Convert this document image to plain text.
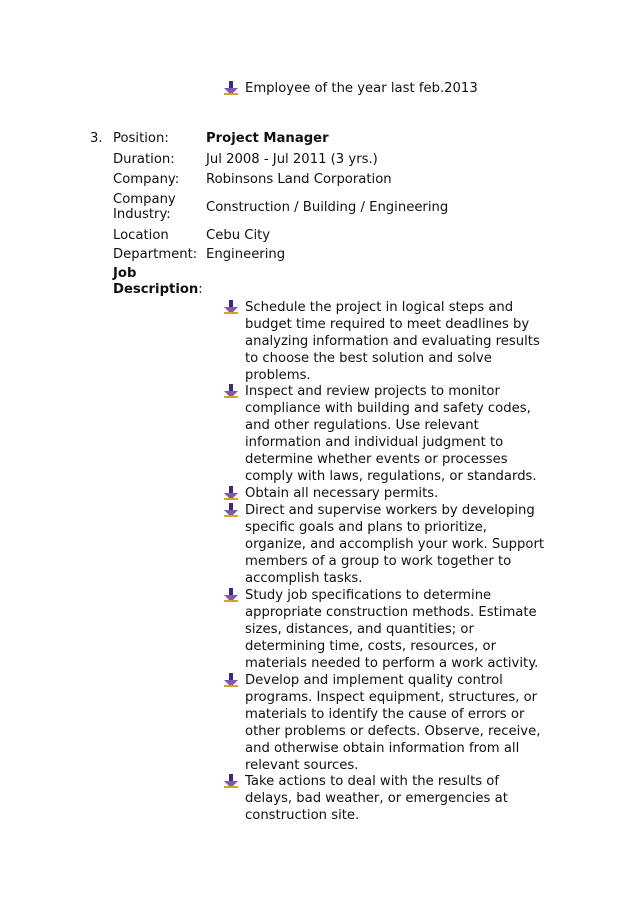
Employee of the year last feb.2013
3. Position:	Project Manager
Duration: Jul 2008 - Jul 2011 (3 yrs.)
Company: Robinsons Land Corporation
Company
Industry:	Construction / Building / Engineering
Location	Cebu City
Department: Engineering
Job
Description:
Schedule the project in logical steps and budget time required to meet deadlines by analyzing information and evaluating results to choose the best solution and solve problems.
Inspect and review projects to monitor compliance with building and safety codes, and other regulations. Use relevant information and individual judgment to determine whether events or processes comply with laws, regulations, or standards.
Obtain all necessary permits.
Direct and supervise workers by developing specific goals and plans to prioritize, organize, and accomplish your work. Support members of a group to work together to accomplish tasks.
Study job specifications to determine appropriate construction methods. Estimate sizes, distances, and quantities; or determining time, costs, resources, or materials needed to perform a work activity.
Develop and implement quality control programs. Inspect equipment, structures, or materials to identify the cause of errors or other problems or defects. Observe, receive, and otherwise obtain information from all relevant sources.
Take actions to deal with the results of delays, bad weather, or emergencies at construction site.
